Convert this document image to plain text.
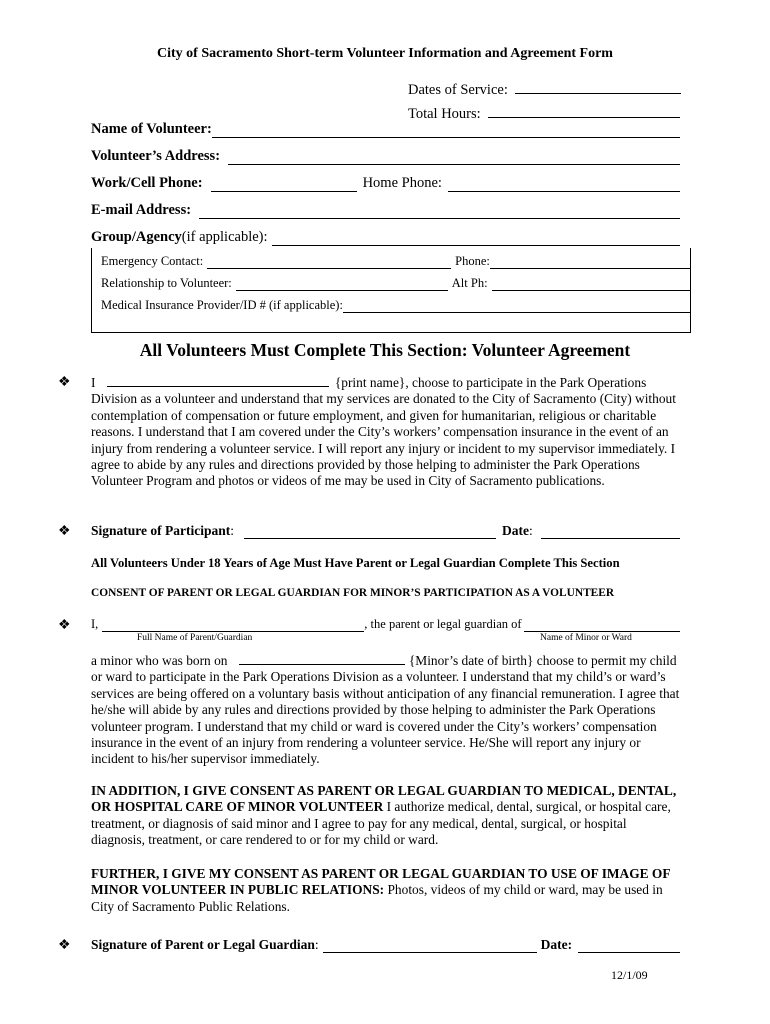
City of Sacramento Short-term Volunteer Information and Agreement Form
Dates of Service:
Total Hours:
Name of Volunteer:
Volunteer’s Address:
Work/Cell Phone:	Home Phone:
E-mail Address:
Group/Agency (if applicable):
Emergency Contact:	Phone:
Relationship to Volunteer:	Alt Ph:
Medical Insurance Provider/ID # (if applicable):
All Volunteers Must Complete This Section: Volunteer Agreement
❖ I	{print name}, choose to participate in the Park Operations Division as a volunteer and understand that my services are donated to the City of Sacramento (City) without contemplation of compensation or future employment, and given for humanitarian, religious or charitable reasons. I understand that I am covered under the City’s workers’ compensation insurance in the event of an injury from rendering a volunteer service. I will report any injury or incident to my supervisor immediately. I agree to abide by any rules and directions provided by those helping to administer the Park Operations Volunteer Program and photos or videos of me may be used in City of Sacramento publications.
❖ Signature of Participant :	Date :
All Volunteers Under 18 Years of Age Must Have Parent or Legal Guardian Complete This Section
CONSENT OF PARENT OR LEGAL GUARDIAN FOR MINOR’S PARTICIPATION AS A VOLUNTEER
❖ I,	, the parent or legal guardian of
Full Name of Parent/Guardian	Name of Minor or Ward
a minor who was born on	{Minor’s date of birth} choose to permit my child or ward to participate in the Park Operations Division as a volunteer. I understand that my child’s or ward’s services are being offered on a voluntary basis without anticipation of any financial remuneration. I agree that he/she will abide by any rules and directions provided by those helping to administer the Park Operations volunteer program. I understand that my child or ward is covered under the City’s workers’ compensation insurance in the event of an injury from rendering a volunteer service. He/She will report any injury or incident to his/her supervisor immediately.
IN ADDITION, I GIVE CONSENT AS PARENT OR LEGAL GUARDIAN TO MEDICAL, DENTAL, OR HOSPITAL CARE OF MINOR VOLUNTEER I authorize medical, dental, surgical, or hospital care, treatment, or diagnosis of said minor and I agree to pay for any medical, dental, surgical, or hospital diagnosis, treatment, or care rendered to or for my child or ward.
FURTHER, I GIVE MY CONSENT AS PARENT OR LEGAL GUARDIAN TO USE OF IMAGE OF MINOR VOLUNTEER IN PUBLIC RELATIONS: Photos, videos of my child or ward, may be used in City of Sacramento Public Relations.
❖ Signature of Parent or Legal Guardian :	Date:
12/1/09
